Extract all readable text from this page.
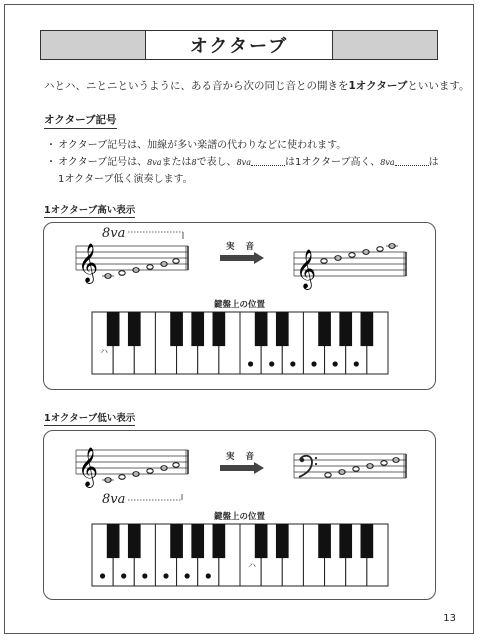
オクターブ
ハとハ、ニとニというように、ある音から次の同じ音との開きを1オクターブといいます。
オクターブ記号
・ オクターブ記号は、加線が多い楽譜の代わりなどに使われます。
・ オクターブ記号は、8vaまたは8で表し、8va	は1オクターブ高く、8va	は
1オクターブ低く演奏します。
1オクターブ高い表示
8va
𝄞	実 音
𝄞
鍵盤上の位置
ハ
1オクターブ低い表示
𝄞
8va
実 音
鍵盤上の位置
ハ
13
